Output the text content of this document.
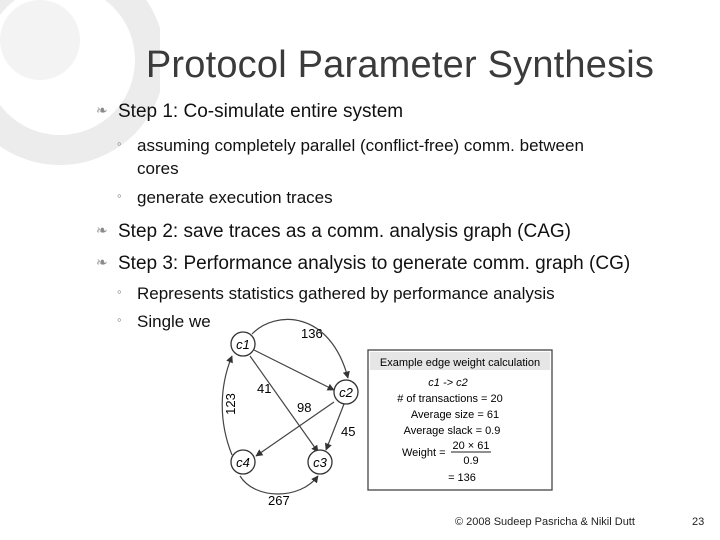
Protocol Parameter Synthesis
❧ Step 1: Co-simulate entire system
◦ assuming completely parallel (conflict-free) comm. between
cores
◦ generate execution traces
❧ Step 2: save traces as a comm. analysis graph (CAG)
❧ Step 3: Performance analysis to generate comm. graph (CG)
◦ Represents statistics gathered by performance analysis
◦ Single we
c1
c2
c3
c4
136
41
98
123
45
267
Example edge weight calculation
c1 -> c2
# of transactions = 20
Average size = 61
Average slack = 0.9
Weight =
20 × 61
0.9
= 136
© 2008 Sudeep Pasricha & Nikil Dutt	23
